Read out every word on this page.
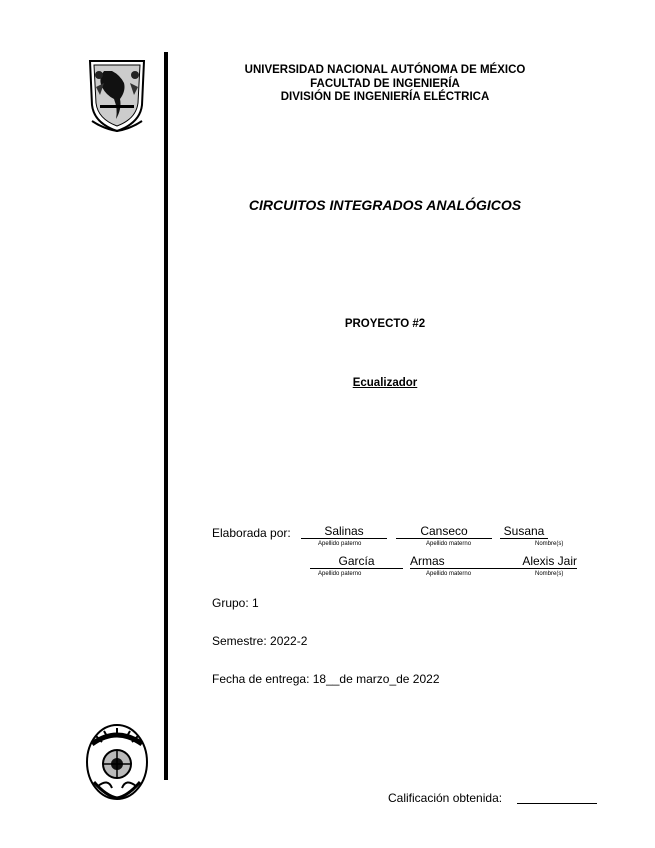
UNIVERSIDAD NACIONAL AUTÓNOMA DE MÉXICO
FACULTAD DE INGENIERÍA
DIVISIÓN DE INGENIERÍA ELÉCTRICA
CIRCUITOS INTEGRADOS ANALÓGICOS
PROYECTO #2
Ecualizador
Elaborada por:	Salinas
Apellido paterno
Canseco
Apellido materno
Susana
Nombre(s)
García
Apellido paterno
Armas
Apellido materno
Alexis Jair
Nombre(s)
Grupo: 1
Semestre: 2022-2
Fecha de entrega: 18__de marzo_de 2022
Calificación obtenida:
